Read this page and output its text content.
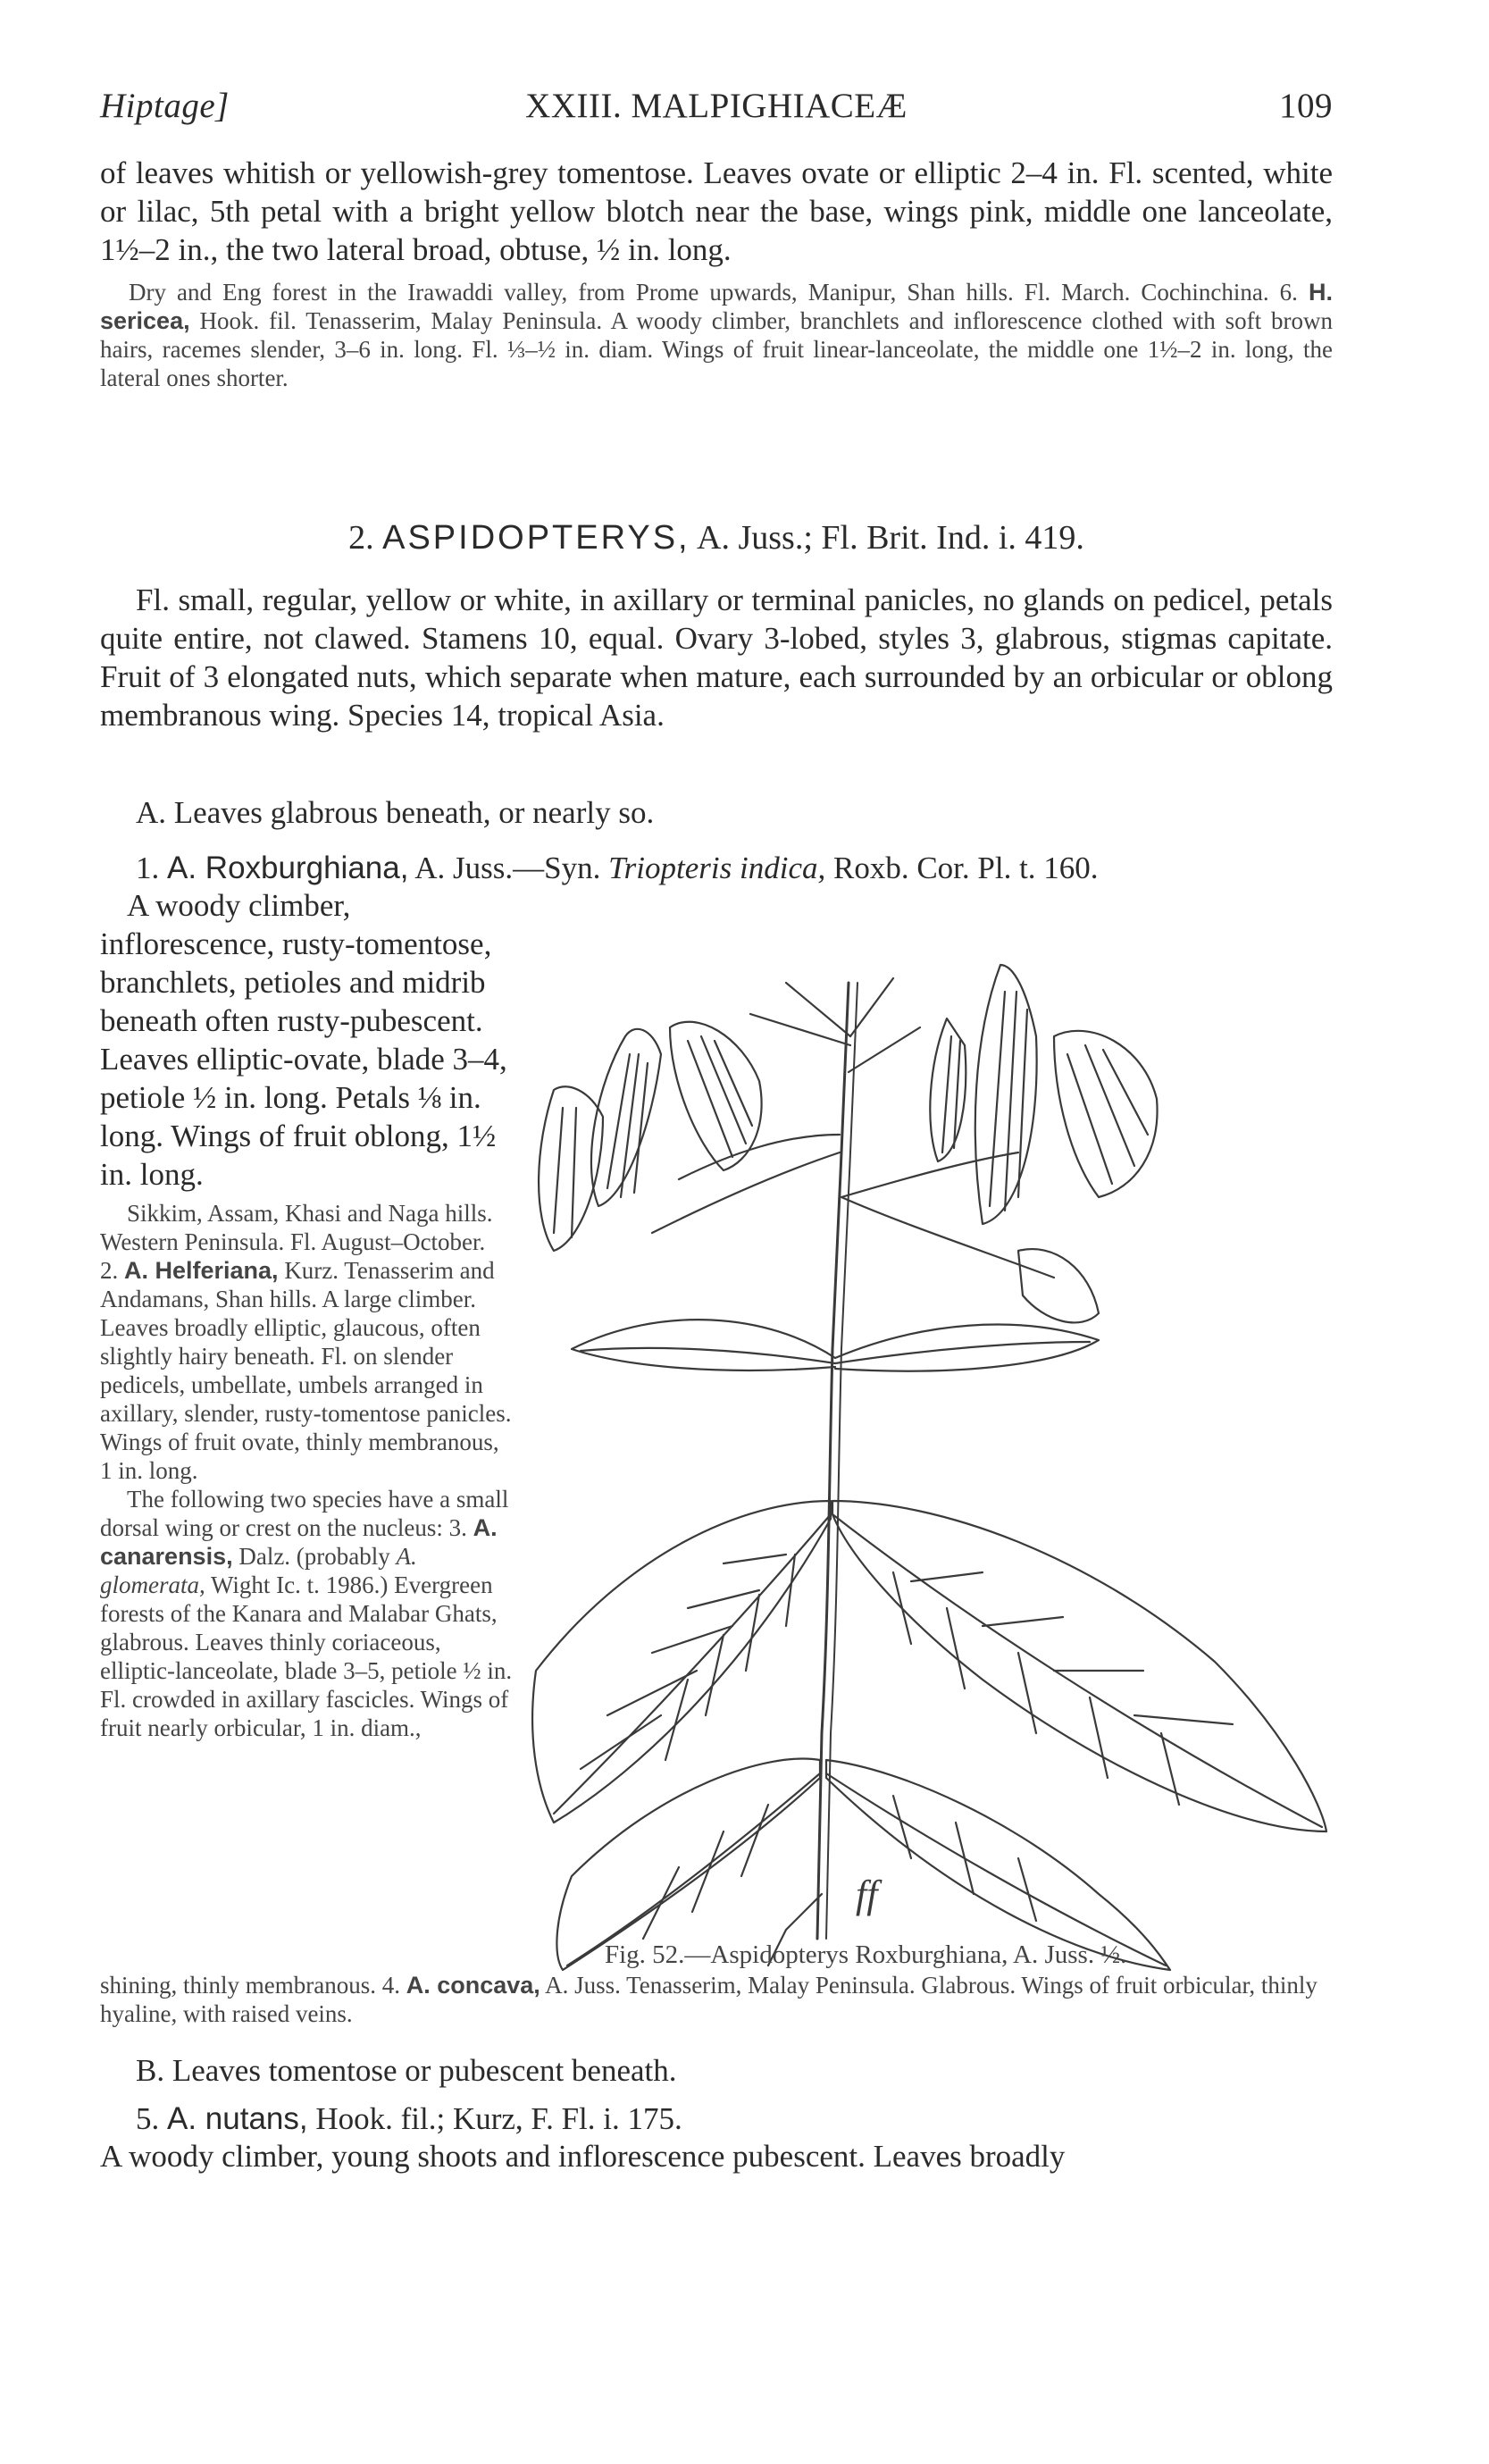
Hiptage]	XXIII. MALPIGHIACEÆ	109

of leaves whitish or yellowish-grey tomentose. Leaves ovate or elliptic 2–4 in. Fl. scented, white or lilac, 5th petal with a bright yellow blotch near the base, wings pink, middle one lanceolate, 1½–2 in., the two lateral broad, obtuse, ½ in. long.

Dry and Eng forest in the Irawaddi valley, from Prome upwards, Manipur, Shan hills. Fl. March. Cochinchina. 6. H. sericea, Hook. fil. Tenasserim, Malay Peninsula. A woody climber, branchlets and inflorescence clothed with soft brown hairs, racemes slender, 3–6 in. long. Fl. ⅓–½ in. diam. Wings of fruit linear-lanceolate, the middle one 1½–2 in. long, the lateral ones shorter.

2. ASPIDOPTERYS, A. Juss.; Fl. Brit. Ind. i. 419.

Fl. small, regular, yellow or white, in axillary or terminal panicles, no glands on pedicel, petals quite entire, not clawed. Stamens 10, equal. Ovary 3-lobed, styles 3, glabrous, stigmas capitate. Fruit of 3 elongated nuts, which separate when mature, each surrounded by an orbicular or oblong membranous wing. Species 14, tropical Asia.

A. Leaves glabrous beneath, or nearly so.

1. A. Roxburghiana, A. Juss.—Syn. Triopteris indica, Roxb. Cor. Pl. t. 160.

A woody climber, inflorescence, rusty-tomentose, branchlets, petioles and midrib beneath often rusty-pubescent. Leaves elliptic-ovate, blade 3–4, petiole ½ in. long. Petals ⅛ in. long. Wings of fruit oblong, 1½ in. long.

Sikkim, Assam, Khasi and Naga hills. Western Peninsula. Fl. August–October.

2. A. Helferiana, Kurz. Tenasserim and Andamans, Shan hills. A large climber. Leaves broadly elliptic, glaucous, often slightly hairy beneath. Fl. on slender pedicels, umbellate, umbels arranged in axillary, slender, rusty-tomentose panicles. Wings of fruit ovate, thinly membranous, 1 in. long.

The following two species have a small dorsal wing or crest on the nucleus: 3. A. canarensis, Dalz. (probably A. glomerata, Wight Ic. t. 1986.) Evergreen forests of the Kanara and Malabar Ghats, glabrous. Leaves thinly coriaceous, elliptic-lanceolate, blade 3–5, petiole ½ in. Fl. crowded in axillary fascicles. Wings of fruit nearly orbicular, 1 in. diam.,

ff
Fig. 52.—Aspidopterys Roxburghiana, A. Juss. ½.

shining, thinly membranous. 4. A. concava, A. Juss. Tenasserim, Malay Peninsula. Glabrous. Wings of fruit orbicular, thinly hyaline, with raised veins.

B. Leaves tomentose or pubescent beneath.

5. A. nutans, Hook. fil.; Kurz, F. Fl. i. 175.

A woody climber, young shoots and inflorescence pubescent. Leaves broadly
